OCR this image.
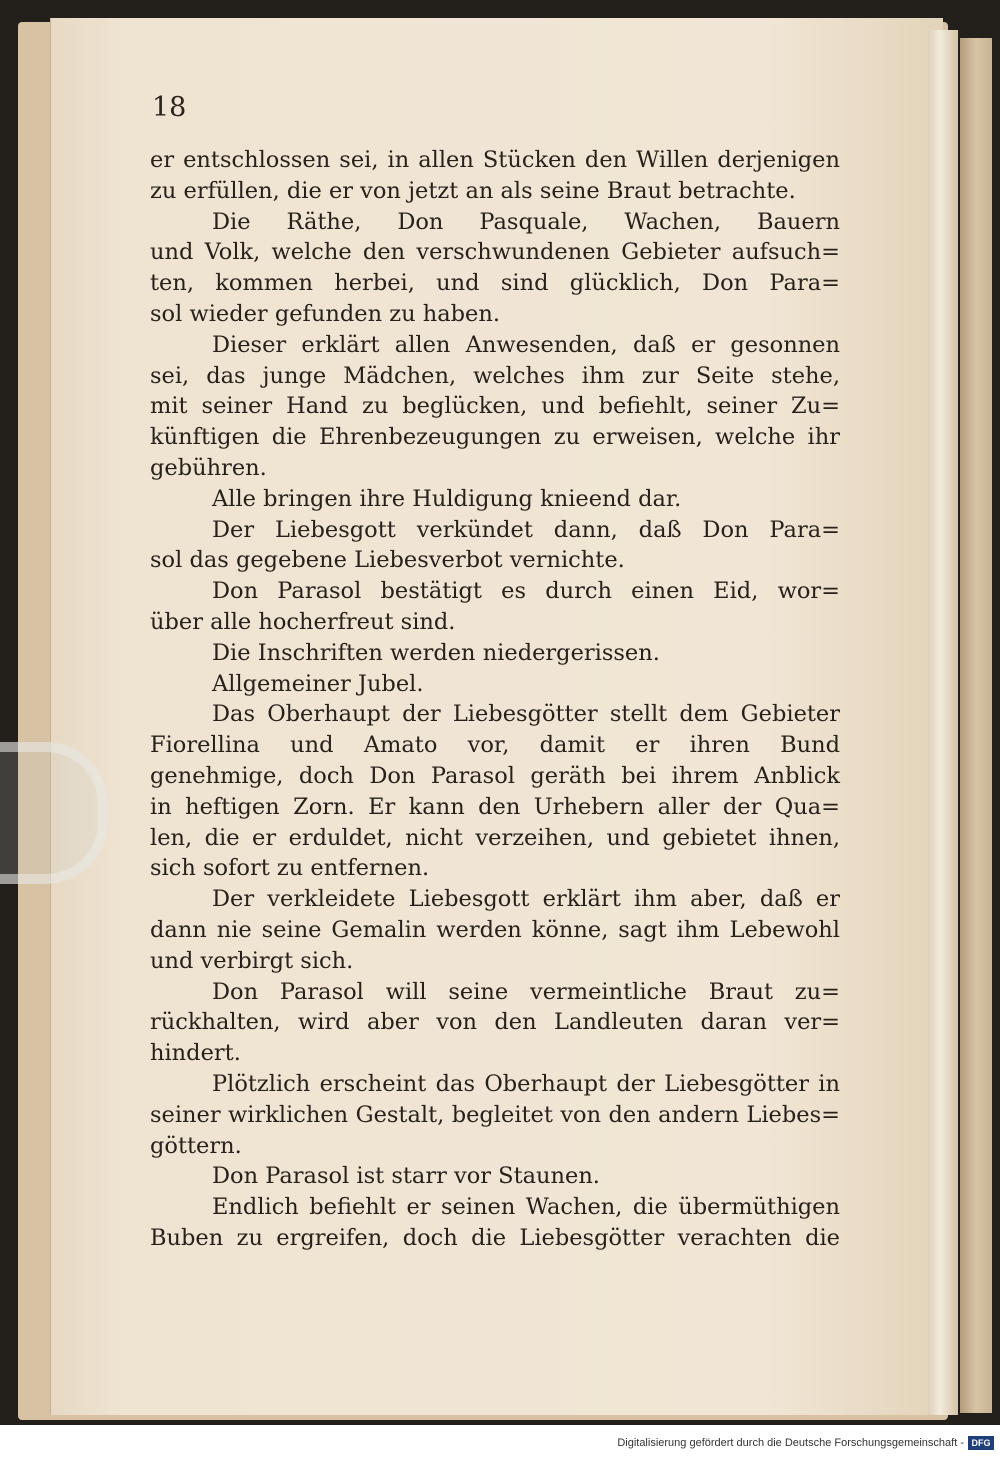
18

er entschlossen sei, in allen Stücken den Willen derjenigen
zu erfüllen, die er von jetzt an als seine Braut betrachte.
Die Räthe, Don Pasquale, Wachen, Bauern
und Volk, welche den verschwundenen Gebieter aufsuch=
ten, kommen herbei, und sind glücklich, Don Para=
sol wieder gefunden zu haben.
Dieser erklärt allen Anwesenden, daß er gesonnen
sei, das junge Mädchen, welches ihm zur Seite stehe,
mit seiner Hand zu beglücken, und befiehlt, seiner Zu=
künftigen die Ehrenbezeugungen zu erweisen, welche ihr
gebühren.
Alle bringen ihre Huldigung knieend dar.
Der Liebesgott verkündet dann, daß Don Para=
sol das gegebene Liebesverbot vernichte.
Don Parasol bestätigt es durch einen Eid, wor=
über alle hocherfreut sind.
Die Inschriften werden niedergerissen.
Allgemeiner Jubel.
Das Oberhaupt der Liebesgötter stellt dem Gebieter
Fiorellina und Amato vor, damit er ihren Bund
genehmige, doch Don Parasol geräth bei ihrem Anblick
in heftigen Zorn. Er kann den Urhebern aller der Qua=
len, die er erduldet, nicht verzeihen, und gebietet ihnen,
sich sofort zu entfernen.
Der verkleidete Liebesgott erklärt ihm aber, daß er
dann nie seine Gemalin werden könne, sagt ihm Lebewohl
und verbirgt sich.
Don Parasol will seine vermeintliche Braut zu=
rückhalten, wird aber von den Landleuten daran ver=
hindert.
Plötzlich erscheint das Oberhaupt der Liebesgötter in
seiner wirklichen Gestalt, begleitet von den andern Liebes=
göttern.
Don Parasol ist starr vor Staunen.
Endlich befiehlt er seinen Wachen, die übermüthigen
Buben zu ergreifen, doch die Liebesgötter verachten die

Digitalisierung gefördert durch die Deutsche Forschungsgemeinschaft - DFG
